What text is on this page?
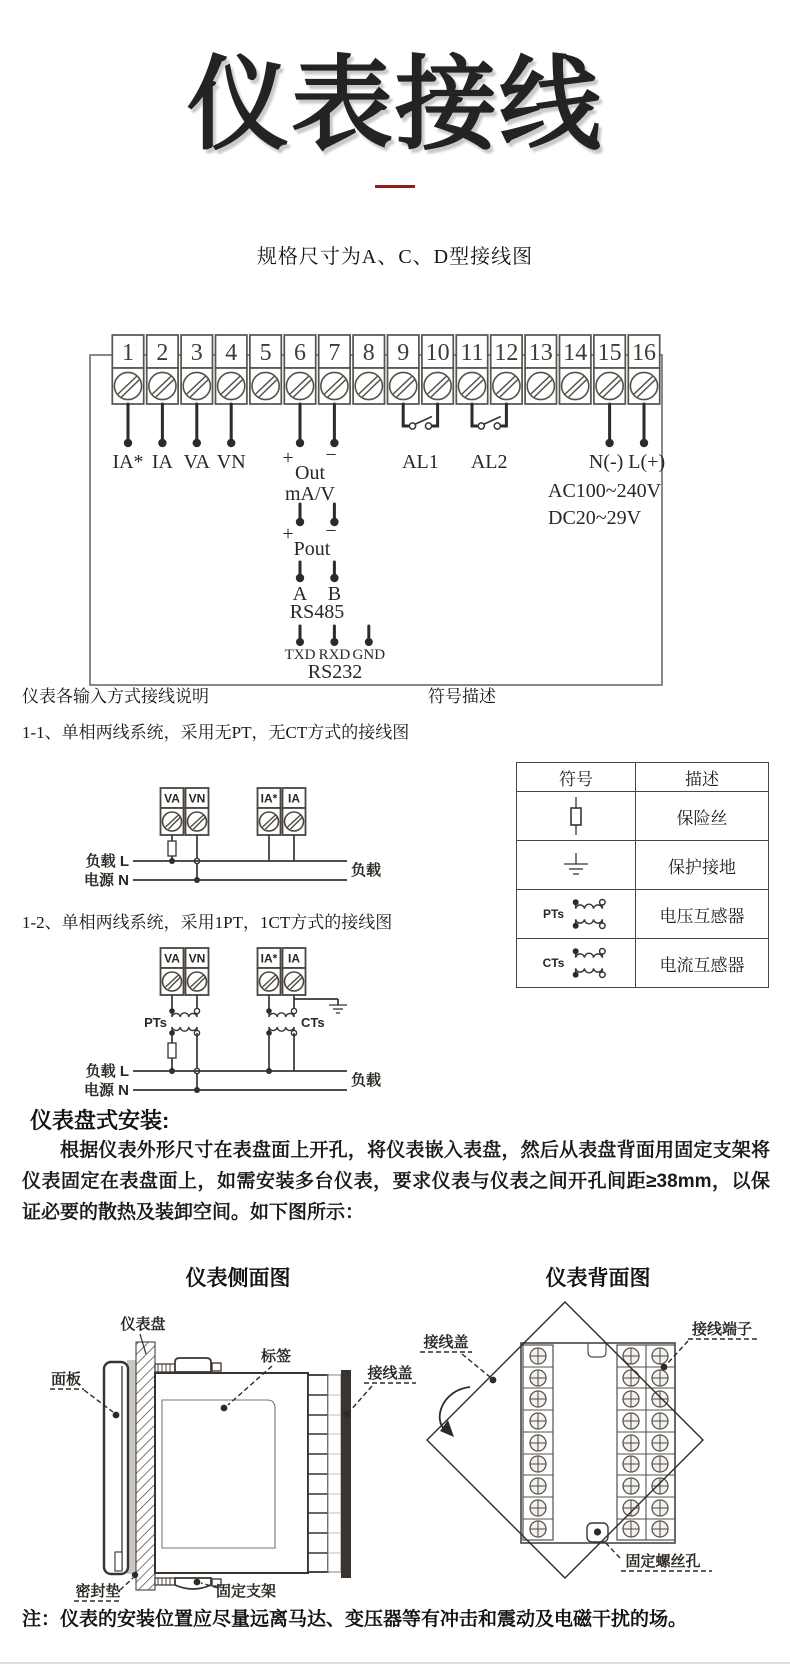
仪表接线
规格尺寸为A、C、D型接线图
1 2 3 4 5 6 7 8 9 10 11 12 13 14 15 16
IA* IA VA VN + −
Out
mA/V
+ −
Pout
A B
RS485
TXD RXD GND
RS232
AL1 AL2	N(-) L(+)
AC100~240V
DC20~29V
仪表各输入方式接线说明
1-1、单相两线系统，采用无PT，无CT方式的接线图
VA VN	IA* IA
负载 L
电源 N
负载
符号描述
符号	描述

	保险丝

	保护接地

PTs	电压互感器

CTs	电流互感器
1-2、单相两线系统，采用1PT，1CT方式的接线图
VA VN	IA* IA
PTs	CTs
负载 L
电源 N
负载
仪表盘式安装:
根据仪表外形尺寸在表盘面上开孔，将仪表嵌入表盘，然后从表盘背面用固定支架将仪表固定在表盘面上，如需安装多台仪表，要求仪表与仪表之间开孔间距≥38mm，以保证必要的散热及装卸空间。如下图所示：
仪表侧面图	仪表背面图
仪表盘
标签
面板	接线盖
密封垫	固定支架
接线盖
接线端子
固定螺丝孔
注：仪表的安装位置应尽量远离马达、变压器等有冲击和震动及电磁干扰的场。
